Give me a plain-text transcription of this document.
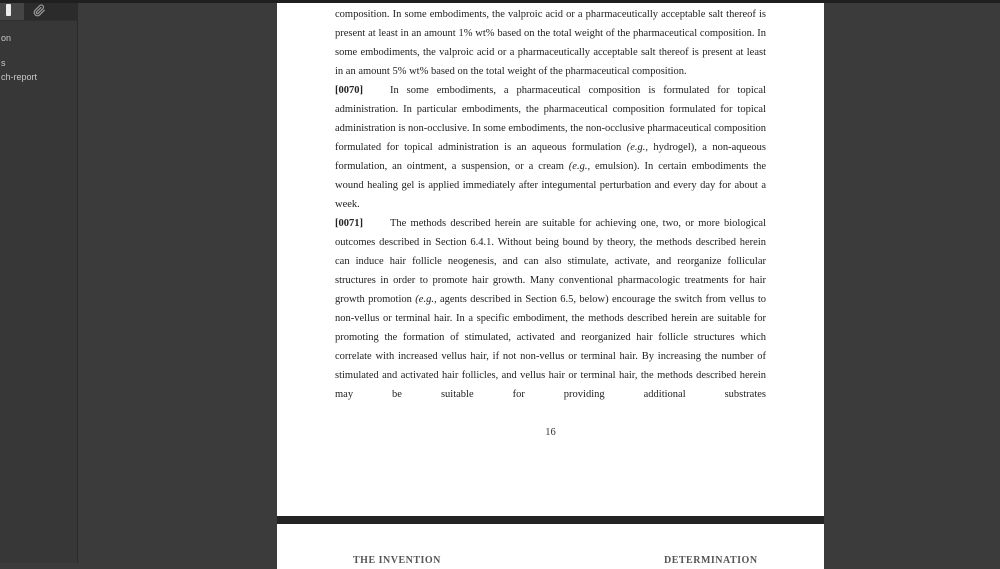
on
s
ch-report

composition. In some embodiments, the valproic acid or a pharmaceutically acceptable salt thereof is present at least in an amount 1% wt% based on the total weight of the pharmaceutical composition. In some embodiments, the valproic acid or a pharmaceutically acceptable salt thereof is present at least in an amount 5% wt% based on the total weight of the pharmaceutical composition.

[0070]	In some embodiments, a pharmaceutical composition is formulated for topical administration. In particular embodiments, the pharmaceutical composition formulated for topical administration is non-occlusive. In some embodiments, the non-occlusive pharmaceutical composition formulated for topical administration is an aqueous formulation (e.g., hydrogel), a non-aqueous formulation, an ointment, a suspension, or a cream (e.g., emulsion). In certain embodiments the wound healing gel is applied immediately after integumental perturbation and every day for about a week.

[0071]	The methods described herein are suitable for achieving one, two, or more biological outcomes described in Section 6.4.1. Without being bound by theory, the methods described herein can induce hair follicle neogenesis, and can also stimulate, activate, and reorganize follicular structures in order to promote hair growth. Many conventional pharmacologic treatments for hair growth promotion (e.g., agents described in Section 6.5, below) encourage the switch from vellus to non-vellus or terminal hair. In a specific embodiment, the methods described herein are suitable for promoting the formation of stimulated, activated and reorganized hair follicle structures which correlate with increased vellus hair, if not non-vellus or terminal hair. By increasing the number of stimulated and activated hair follicles, and vellus hair or terminal hair, the methods described herein may be suitable for providing additional substrates

16
THE INVENTION	DETERMINATION
